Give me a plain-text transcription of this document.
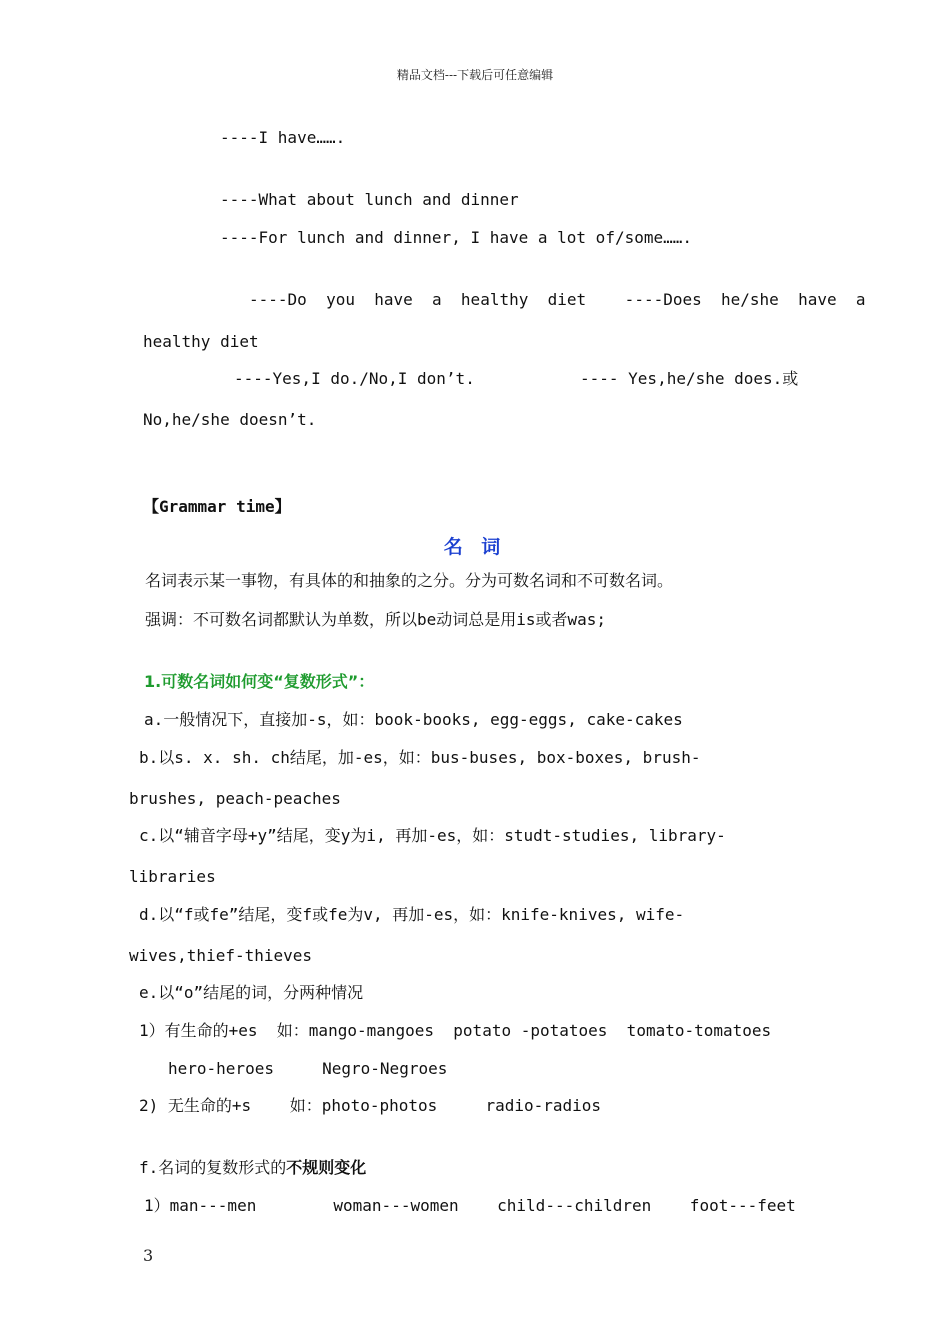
精品文档---下载后可任意编辑
----I have…….
----What about lunch and dinner
----For lunch and dinner, I have a lot of/some…….
----Do  you  have  a  healthy  diet    ----Does  he/she  have  a
healthy diet
----Yes,I do./No,I don’t.	---- Yes,he/she does.或
No,he/she doesn’t.
【Grammar time】
名 词
名词表示某一事物，有具体的和抽象的之分。分为可数名词和不可数名词。
强调：不可数名词都默认为单数，所以be动词总是用is或者was;
1.可数名词如何变“复数形式”：
a.一般情况下，直接加-s，如：book-books, egg-eggs, cake-cakes
b.以s. x. sh. ch结尾，加-es，如：bus-buses, box-boxes, brush-
brushes, peach-peaches
c.以“辅音字母+y”结尾，变y为i, 再加-es，如：studt-studies, library-
libraries
d.以“f或fe”结尾，变f或fe为v, 再加-es，如：knife-knives, wife-
wives,thief-thieves
e.以“o”结尾的词，分两种情况
1）有生命的+es  如：mango-mangoes  potato -potatoes  tomato-tomatoes
hero-heroes     Negro-Negroes
2) 无生命的+s    如：photo-photos     radio-radios
f.名词的复数形式的不规则变化
1）man---men        woman---women    child---children    foot---feet
3
